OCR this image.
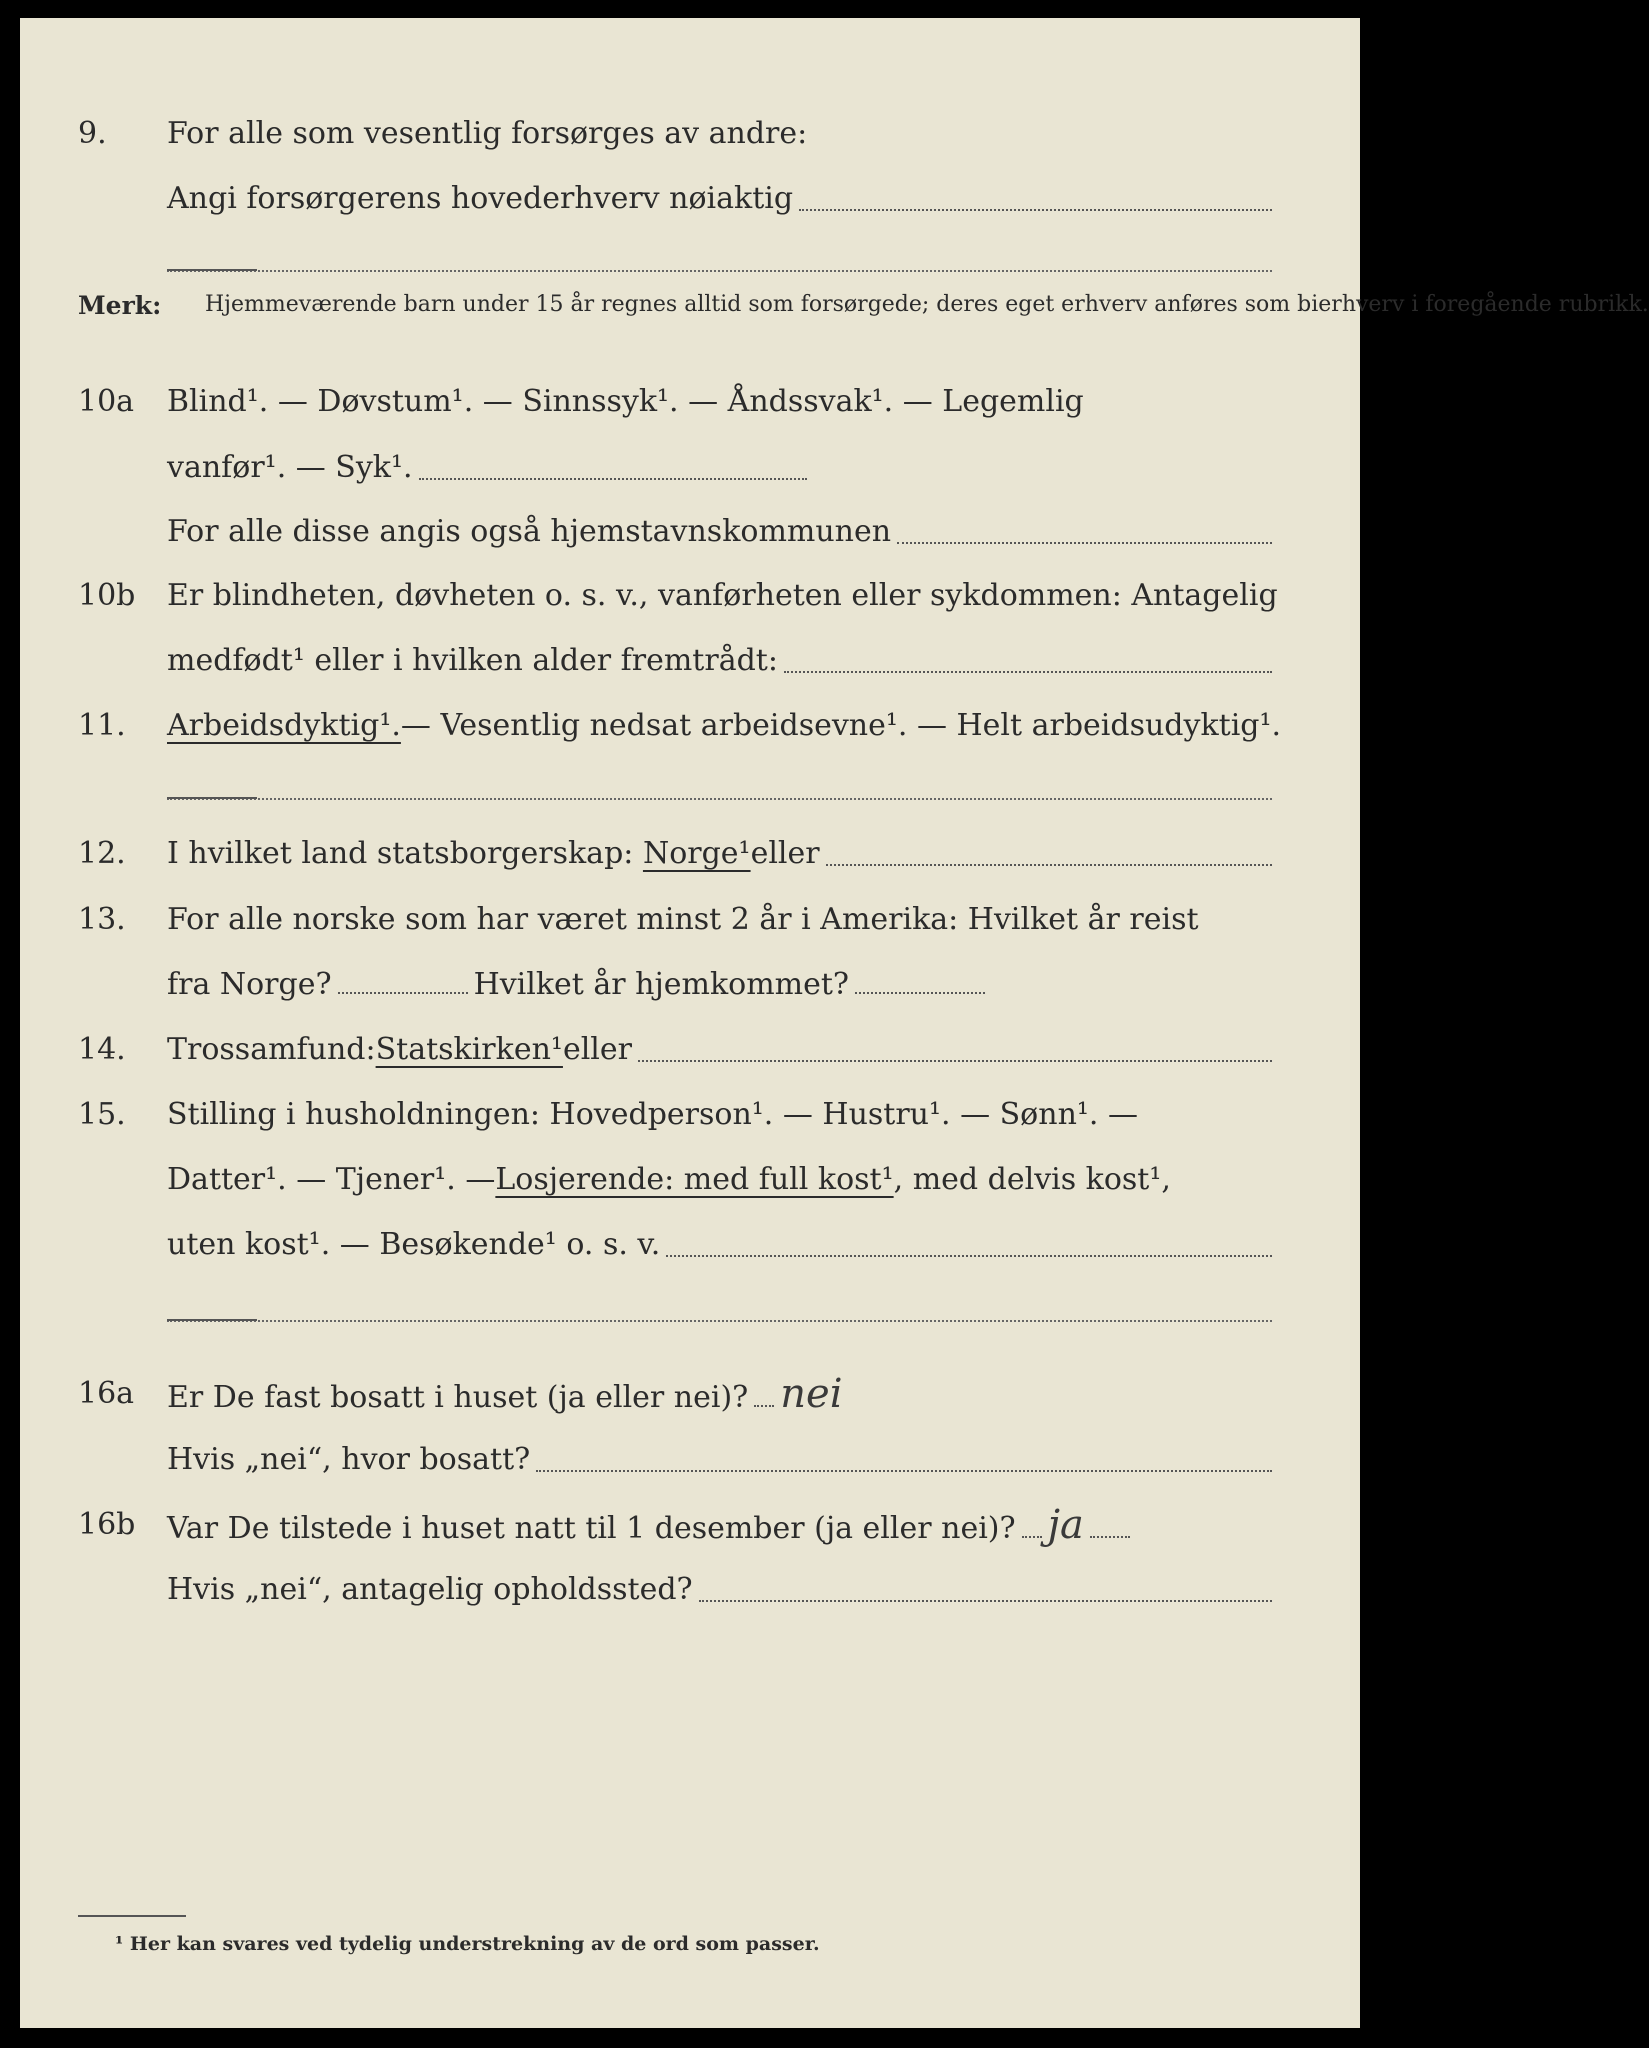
9. For alle som vesentlig forsørges av andre:
Angi forsørgerens hovederhverv nøiaktig
Merk: Hjemmeværende barn under 15 år regnes alltid som forsørgede; deres eget erhverv anføres som bierhverv i foregående rubrikk.
10a Blind¹. — Døvstum¹. — Sinnssyk¹. — Åndssvak¹. — Legemlig
vanfør¹. — Syk¹.
For alle disse angis også hjemstavnskommunen
10b Er blindheten, døvheten o. s. v., vanførheten eller sykdommen: Antagelig
medfødt¹ eller i hvilken alder fremtrådt:
11. Arbeidsdyktig¹. — Vesentlig nedsat arbeidsevne¹. — Helt arbeidsudyktig¹.
12. I hvilket land statsborgerskap:
Norge¹ eller
13. For alle norske som har været minst 2 år i Amerika: Hvilket år reist
fra Norge?	Hvilket år hjemkommet?
14. Trossamfund: Statskirken¹ eller
15. Stilling i husholdningen: Hovedperson¹. — Hustru¹. — Sønn¹. —
Datter¹. — Tjener¹. — Losjerende: med full kost¹ , med delvis kost¹,
uten kost¹. — Besøkende¹ o. s. v.
16a Er De fast bosatt i huset (ja eller nei)? nei
Hvis „nei“, hvor bosatt?
16b Var De tilstede i huset natt til 1 desember (ja eller nei)? ja
Hvis „nei“, antagelig opholdssted?
¹ Her kan svares ved tydelig understrekning av de ord som passer.
